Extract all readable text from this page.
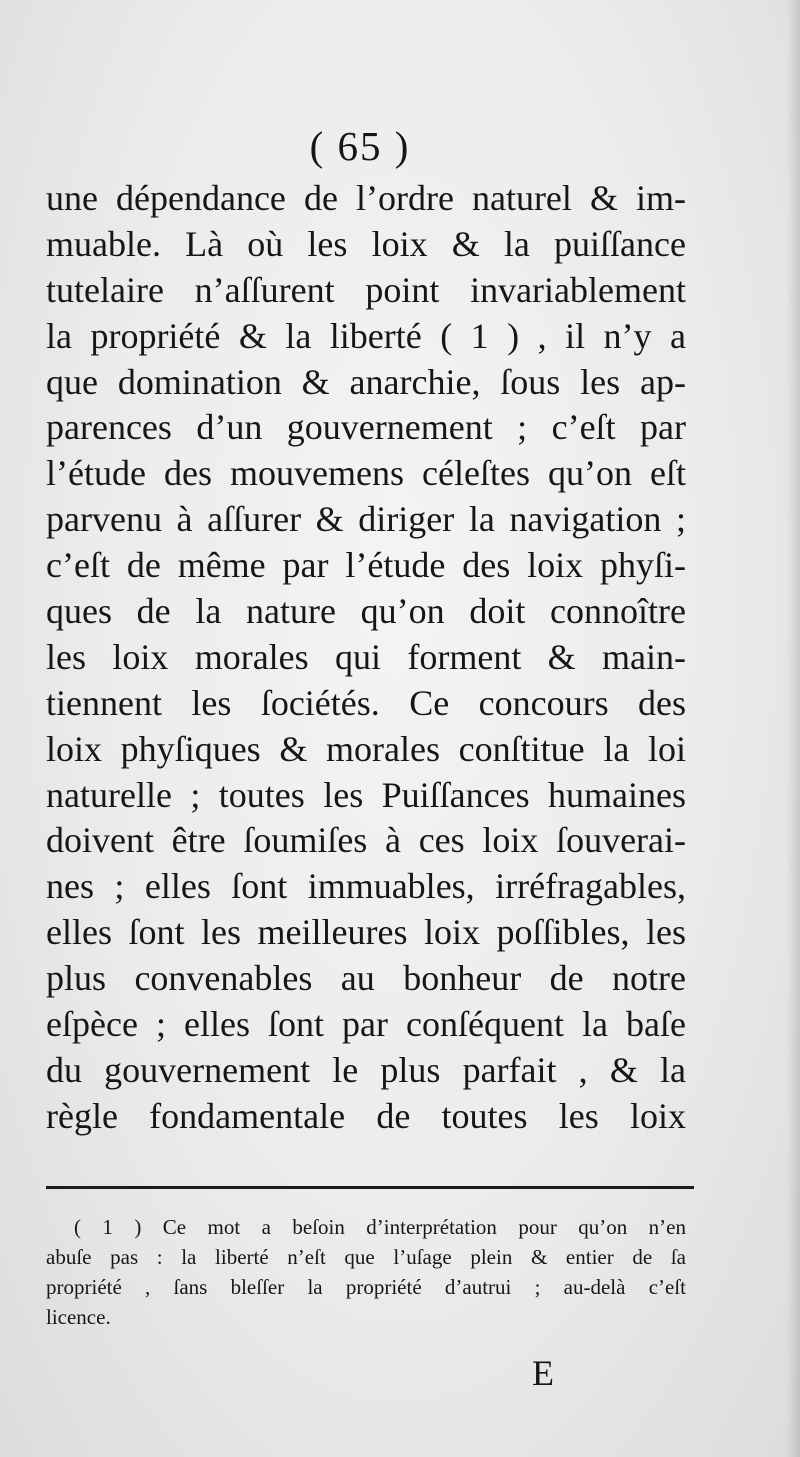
( 65 )
une dépendance de l’ordre naturel & im-
muable. Là où les loix & la puiſſance
tutelaire n’aſſurent point invariablement
la propriété & la liberté ( 1 ) , il n’y a
que domination & anarchie, ſous les ap-
parences d’un gouvernement ; c’eſt par
l’étude des mouvemens céleſtes qu’on eſt
parvenu à aſſurer & diriger la navigation ;
c’eſt de même par l’étude des loix phyſi-
ques de la nature qu’on doit connoître
les loix morales qui forment & main-
tiennent les ſociétés. Ce concours des
loix phyſiques & morales conſtitue la loi
naturelle ; toutes les Puiſſances humaines
doivent être ſoumiſes à ces loix ſouverai-
nes ; elles ſont immuables, irréfragables,
elles ſont les meilleures loix poſſibles, les
plus convenables au bonheur de notre
eſpèce ; elles ſont par conſéquent la baſe
du gouvernement le plus parfait , & la
règle fondamentale de toutes les loix
( 1 ) Ce mot a beſoin d’interprétation pour qu’on n’en
abuſe pas : la liberté n’eſt que l’uſage plein & entier de ſa
propriété , ſans bleſſer la propriété d’autrui ; au-delà c’eſt
licence.
E
